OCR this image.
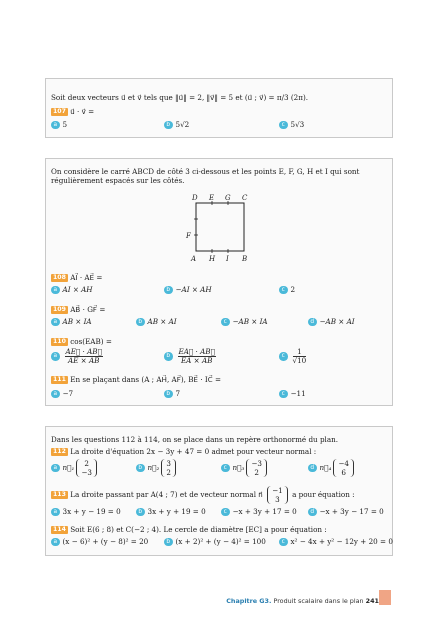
Soit deux vecteurs u⃗ et v⃗ tels que ‖u⃗‖ = 2, ‖v⃗‖ = 5 et (u⃗ ; v⃗) = π/3 (2π).
107 u⃗ · v⃗ =
a 5	b 5√2	c 5√3
On considère le carré ABCD de côté 3 ci-dessous et les points E, F, G, H et I qui sont régulièrement espacés sur les côtés.
D E G C
F
A H I B
108 AI⃗ · AE⃗ =
a AI × AH	b −AI × AH	c 2
109 AB⃗ · GF⃗ =
a AB × IA	b AB × AI	c −AB × IA	d −AB × AI
110 cos(EAB) =
a $\frac{AE⃗ \cdot AB⃗}{AE \times AB}$	b $\frac{EA⃗ \cdot AB⃗}{EA \times AB}$	c $\frac{1}{√10}$
111 En se plaçant dans (A ; AH⃗, AF⃗), BE⃗ · IC⃗ =
a −7	b 7	c −11
Dans les questions 112 à 114, on se place dans un repère orthonormé du plan.
112 La droite d'équation 2x − 3y + 47 = 0 admet pour vecteur normal :
a n⃗₁	2
−3
b n⃗₂ 3
2
c n⃗₃ −3
2
d n⃗₄ −4
6
113 La droite passant par A(4 ; 7) et de vecteur normal n⃗ −1
3
a pour équation :
a 3x + y − 19 = 0	b 3x + y + 19 = 0	c −x + 3y + 17 = 0	d −x + 3y − 17 = 0
114 Soit E(6 ; 8) et C(−2 ; 4). Le cercle de diamètre [EC] a pour équation :
a (x − 6)² + (y − 8)² = 20	b (x + 2)² + (y − 4)² = 100	c x² − 4x + y² − 12y + 20 = 0
Chapitre G3. Produit scalaire dans le plan 241
